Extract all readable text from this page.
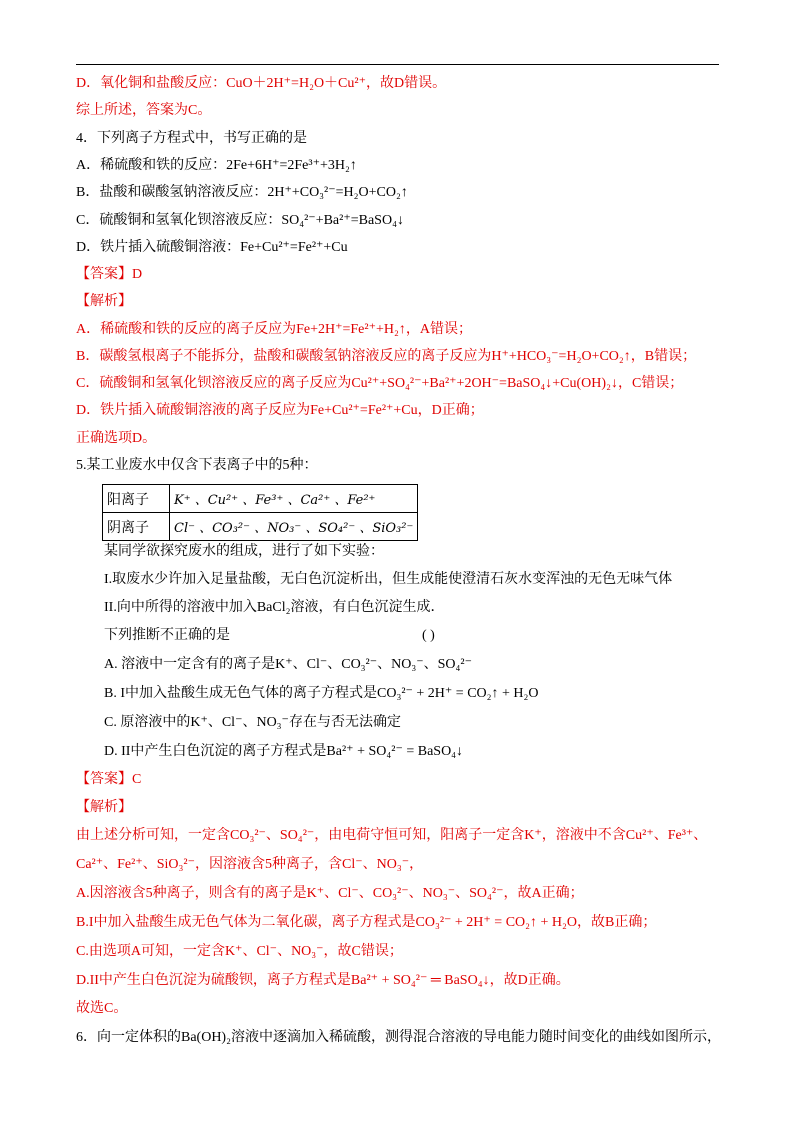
D．氧化铜和盐酸反应：CuO＋2H⁺=H₂O＋Cu²⁺，故D错误。
综上所述，答案为C。
4．下列离子方程式中，书写正确的是
A．稀硫酸和铁的反应：2Fe+6H⁺=2Fe³⁺+3H₂↑
B．盐酸和碳酸氢钠溶液反应：2H⁺+CO₃²⁻=H₂O+CO₂↑
C．硫酸铜和氢氧化钡溶液反应：SO₄²⁻+Ba²⁺=BaSO₄↓
D．铁片插入硫酸铜溶液：Fe+Cu²⁺=Fe²⁺+Cu
【答案】D
【解析】
A．稀硫酸和铁的反应的离子反应为Fe+2H⁺=Fe²⁺+H₂↑，A错误；
B．碳酸氢根离子不能拆分，盐酸和碳酸氢钠溶液反应的离子反应为H⁺+HCO₃⁻=H₂O+CO₂↑，B错误；
C．硫酸铜和氢氧化钡溶液反应的离子反应为Cu²⁺+SO₄²⁻+Ba²⁺+2OH⁻=BaSO₄↓+Cu(OH)₂↓，C错误；
D．铁片插入硫酸铜溶液的离子反应为Fe+Cu²⁺=Fe²⁺+Cu，D正确；
正确选项D。
5.某工业废水中仅含下表离子中的5种：
阳离子	K⁺ 、Cu²⁺ 、Fe³⁺ 、Ca²⁺ 、Fe²⁺
阴离子	Cl⁻ 、CO₃²⁻ 、NO₃⁻ 、SO₄²⁻ 、SiO₃²⁻
某同学欲探究废水的组成，进行了如下实验：
I.取废水少许加入足量盐酸，无白色沉淀析出，但生成能使澄清石灰水变浑浊的无色无味气体
II.向中所得的溶液中加入BaCl₂溶液，有白色沉淀生成．
下列推断不正确的是	( )
A. 溶液中一定含有的离子是K⁺、Cl⁻、CO₃²⁻、NO₃⁻、SO₄²⁻
B. I中加入盐酸生成无色气体的离子方程式是CO₃²⁻ + 2H⁺ = CO₂↑ + H₂O
C. 原溶液中的K⁺、Cl⁻、NO₃⁻存在与否无法确定
D. II中产生白色沉淀的离子方程式是Ba²⁺ + SO₄²⁻ = BaSO₄↓
【答案】C
【解析】
由上述分析可知，一定含CO₃²⁻、SO₄²⁻，由电荷守恒可知，阳离子一定含K⁺，溶液中不含Cu²⁺、Fe³⁺、
Ca²⁺、Fe²⁺、SiO₃²⁻，因溶液含5种离子，含Cl⁻、NO₃⁻，
A.因溶液含5种离子，则含有的离子是K⁺、Cl⁻、CO₃²⁻、NO₃⁻、SO₄²⁻，故A正确；
B.I中加入盐酸生成无色气体为二氧化碳，离子方程式是CO₃²⁻ + 2H⁺ = CO₂↑ + H₂O，故B正确；
C.由选项A可知，一定含K⁺、Cl⁻、NO₃⁻，故C错误；
D.II中产生白色沉淀为硫酸钡，离子方程式是Ba²⁺ + SO₄²⁻ ═ BaSO₄↓，故D正确。
故选C。
6．向一定体积的Ba(OH)₂溶液中逐滴加入稀硫酸，测得混合溶液的导电能力随时间变化的曲线如图所示，
